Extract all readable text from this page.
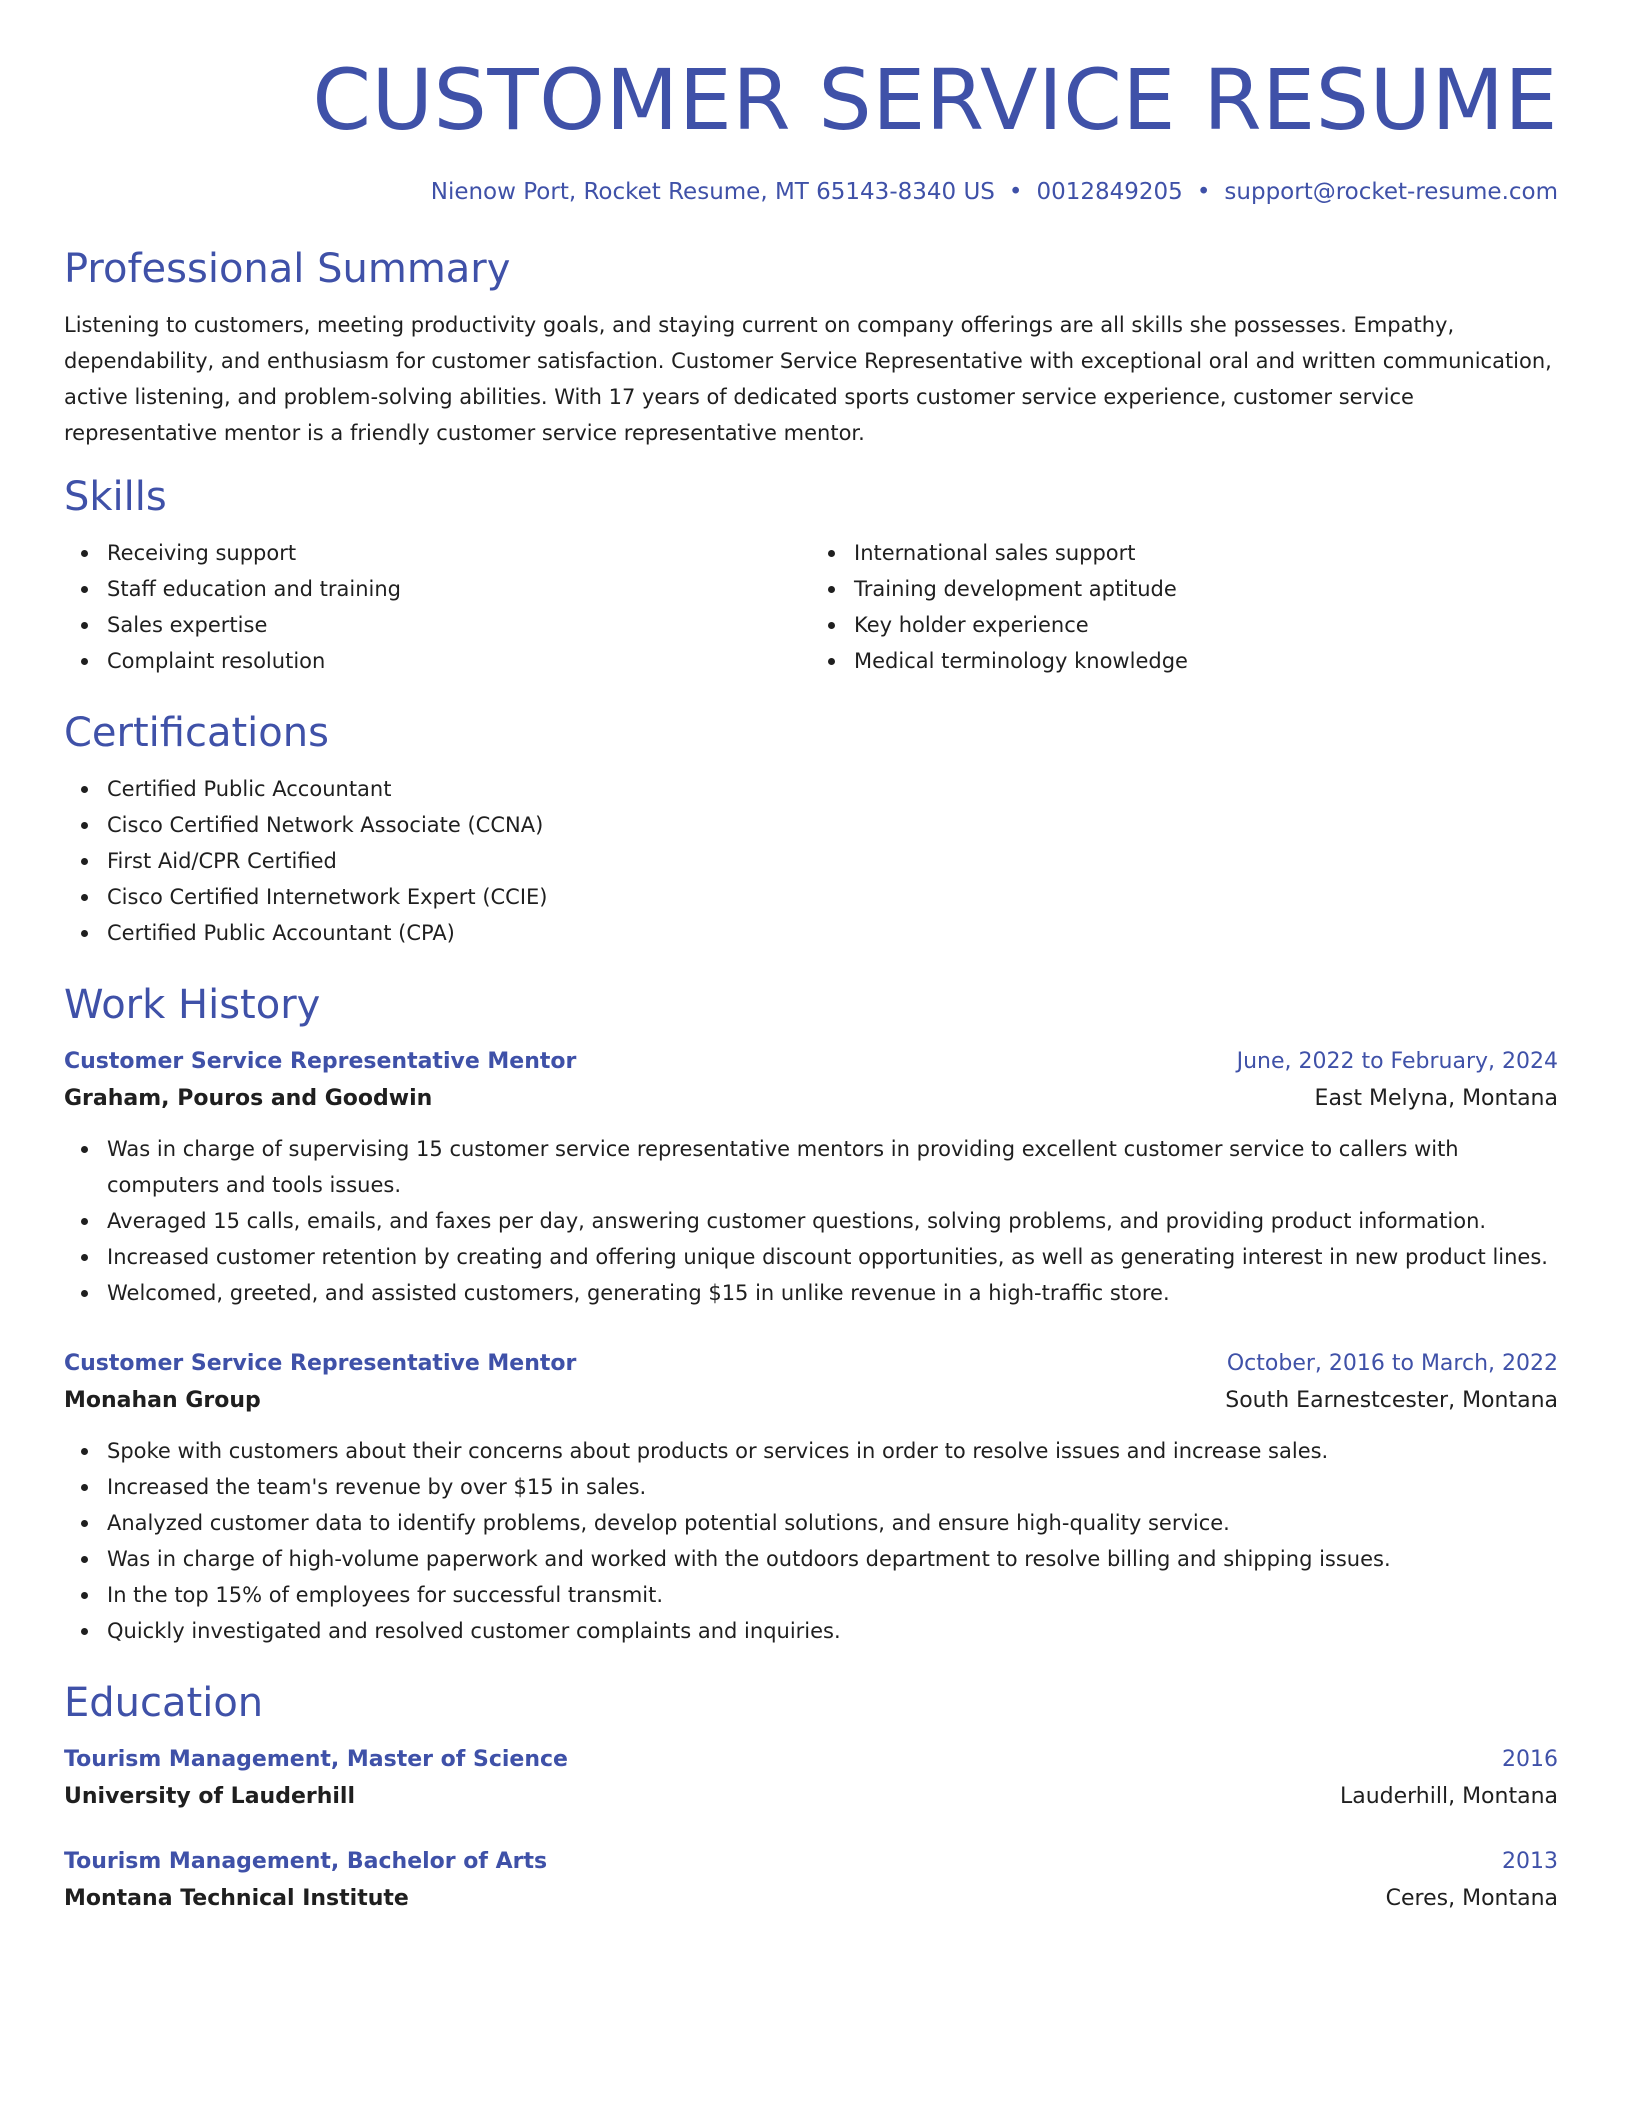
CUSTOMER SERVICE RESUME
Nienow Port, Rocket Resume, MT 65143-8340 US • 0012849205 • support@rocket-resume.com
Professional Summary

Listening to customers, meeting productivity goals, and staying current on company offerings are all skills she possesses. Empathy, dependability, and enthusiasm for customer satisfaction. Customer Service Representative with exceptional oral and written communication, active listening, and problem-solving abilities. With 17 years of dedicated sports customer service experience, customer service representative mentor is a friendly customer service representative mentor.

Skills
Receiving support
Staff education and training
Sales expertise
Complaint resolution
International sales support
Training development aptitude
Key holder experience
Medical terminology knowledge
Certifications
Certified Public Accountant
Cisco Certified Network Associate (CCNA)
First Aid/CPR Certified
Cisco Certified Internetwork Expert (CCIE)
Certified Public Accountant (CPA)
Work History
Customer Service Representative Mentor	June, 2022 to February, 2024
Graham, Pouros and Goodwin	East Melyna, Montana
Was in charge of supervising 15 customer service representative mentors in providing excellent customer service to callers with computers and tools issues.
Averaged 15 calls, emails, and faxes per day, answering customer questions, solving problems, and providing product information.
Increased customer retention by creating and offering unique discount opportunities, as well as generating interest in new product lines.
Welcomed, greeted, and assisted customers, generating $15 in unlike revenue in a high-traffic store.
Customer Service Representative Mentor	October, 2016 to March, 2022
Monahan Group	South Earnestcester, Montana
Spoke with customers about their concerns about products or services in order to resolve issues and increase sales.
Increased the team's revenue by over $15 in sales.
Analyzed customer data to identify problems, develop potential solutions, and ensure high-quality service.
Was in charge of high-volume paperwork and worked with the outdoors department to resolve billing and shipping issues.
In the top 15% of employees for successful transmit.
Quickly investigated and resolved customer complaints and inquiries.
Education
Tourism Management, Master of Science	2016
University of Lauderhill	Lauderhill, Montana
Tourism Management, Bachelor of Arts	2013
Montana Technical Institute	Ceres, Montana
